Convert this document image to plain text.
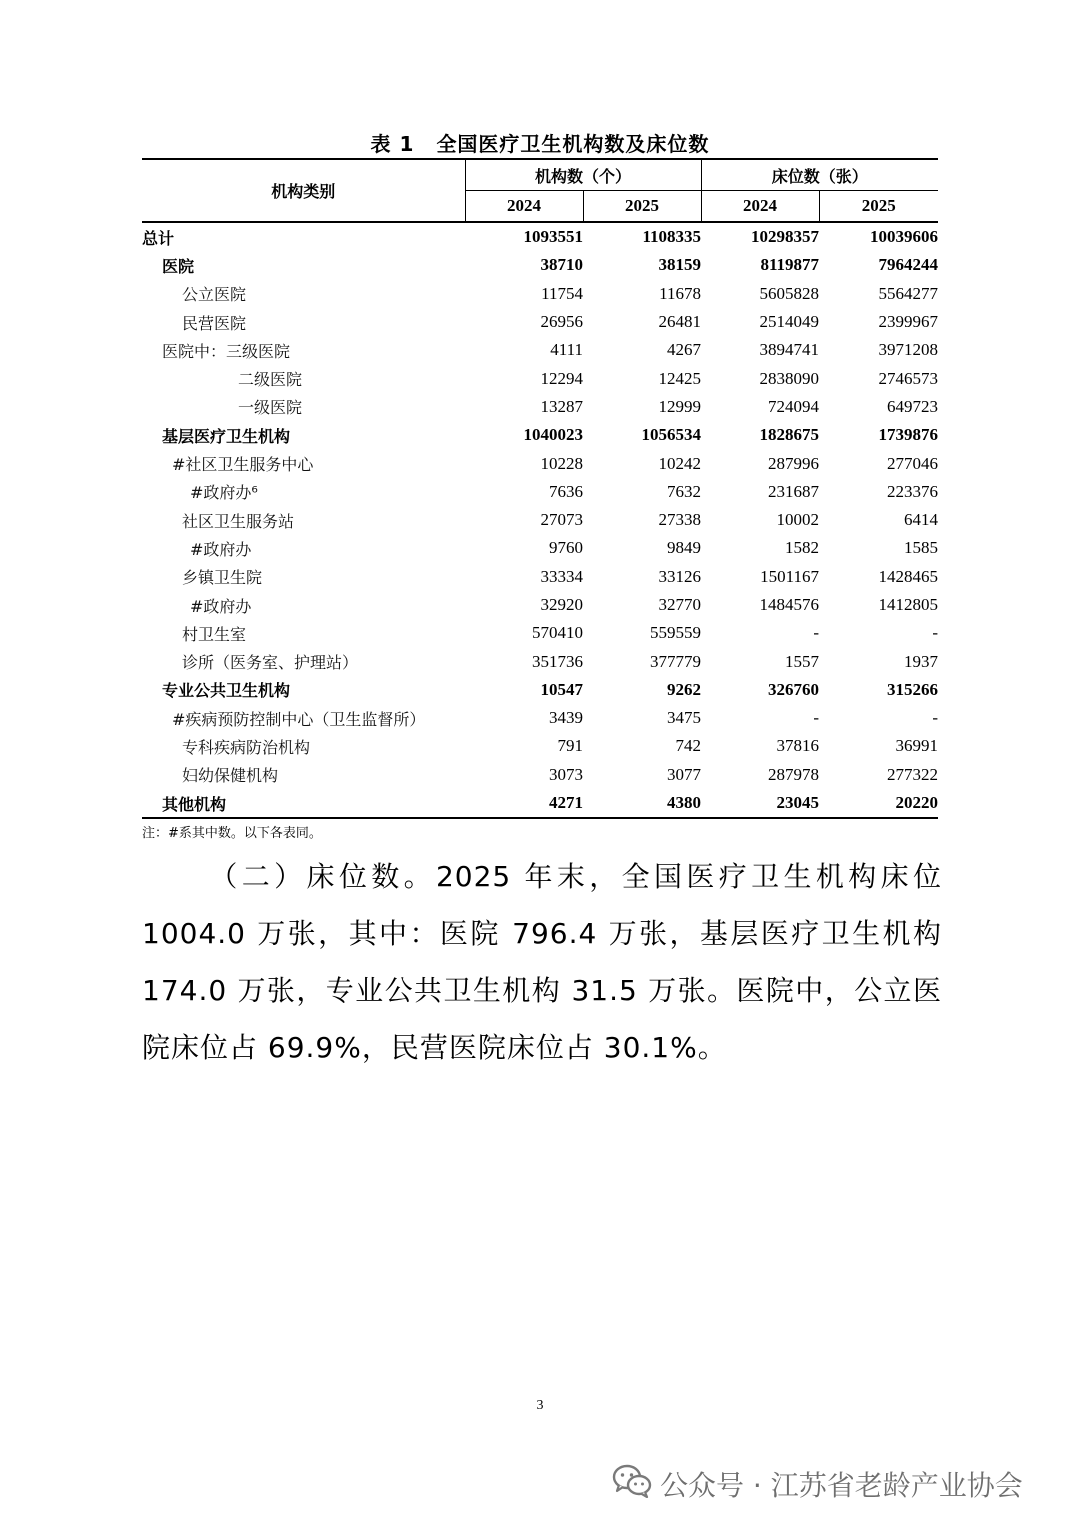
表 1 全国医疗卫生机构数及床位数
机构类别	机构数（个）		床位数（张）	
	2024	2025	2024	2025
总计	1093551	1108335	10298357	10039606
医院	38710	38159	8119877	7964244
公立医院	11754	11678	5605828	5564277
民营医院	26956	26481	2514049	2399967
医院中：三级医院	4111	4267	3894741	3971208
二级医院	12294	12425	2838090	2746573
一级医院	13287	12999	724094	649723
基层医疗卫生机构	1040023	1056534	1828675	1739876
#社区卫生服务中心	10228	10242	287996	277046
#政府办⁶	7636	7632	231687	223376
社区卫生服务站	27073	27338	10002	6414
#政府办	9760	9849	1582	1585
乡镇卫生院	33334	33126	1501167	1428465
#政府办	32920	32770	1484576	1412805
村卫生室	570410	559559	-	-
诊所（医务室、护理站）	351736	377779	1557	1937
专业公共卫生机构	10547	9262	326760	315266
#疾病预防控制中心（卫生监督所）	3439	3475	-	-
专科疾病防治机构	791	742	37816	36991
妇幼保健机构	3073	3077	287978	277322
其他机构	4271	4380	23045	20220
注：#系其中数。以下各表同。
（二）床位数。2025 年末，全国医疗卫生机构床位 1004.0 万张，其中：医院 796.4 万张，基层医疗卫生机构 174.0 万张，专业公共卫生机构 31.5 万张。医院中，公立医院床位占 69.9%，民营医院床位占 30.1%。
3
公众号 · 江苏省老龄产业协会
